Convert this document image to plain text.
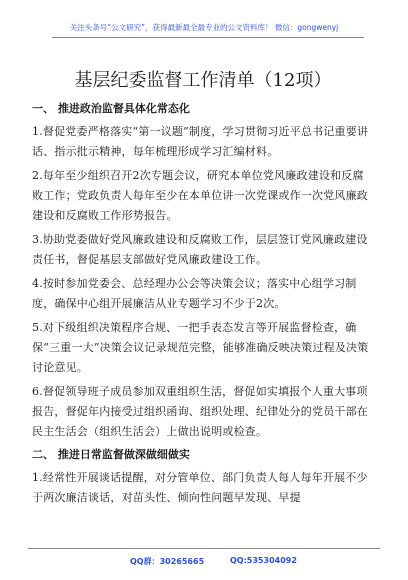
关注头条号“公文研究”，获得最新最全最专业的公文资料库！ 微信：gongwenyj
基层纪委监督工作清单（12项）
一、 推进政治监督具体化常态化

1.督促党委严格落实“第一议题”制度，学习贯彻习近平总书记重要讲话、指示批示精神，每年梳理形成学习汇编材料。

2.每年至少组织召开2次专题会议，研究本单位党风廉政建设和反腐败工作；党政负责人每年至少在本单位讲一次党课或作一次党风廉政建设和反腐败工作形势报告。

3.协助党委做好党风廉政建设和反腐败工作，层层签订党风廉政建设责任书，督促基层支部做好党风廉政建设工作。

4.按时参加党委会、总经理办公会等决策会议；落实中心组学习制度，确保中心组开展廉洁从业专题学习不少于2次。

5.对下级组织决策程序合规、一把手表态发言等开展监督检查，确保“三重一大”决策会议记录规范完整，能够准确反映决策过程及决策讨论意见。

6.督促领导班子成员参加双重组织生活，督促如实填报个人重大事项报告，督促年内接受过组织函询、组织处理、纪律处分的党员干部在民主生活会（组织生活会）上做出说明或检查。

二、 推进日常监督做深做细做实

1.经常性开展谈话提醒，对分管单位、部门负责人每人每年开展不少于两次廉洁谈话，对苗头性、倾向性问题早发现、早提

QQ群：30265665	QQ:535304092
